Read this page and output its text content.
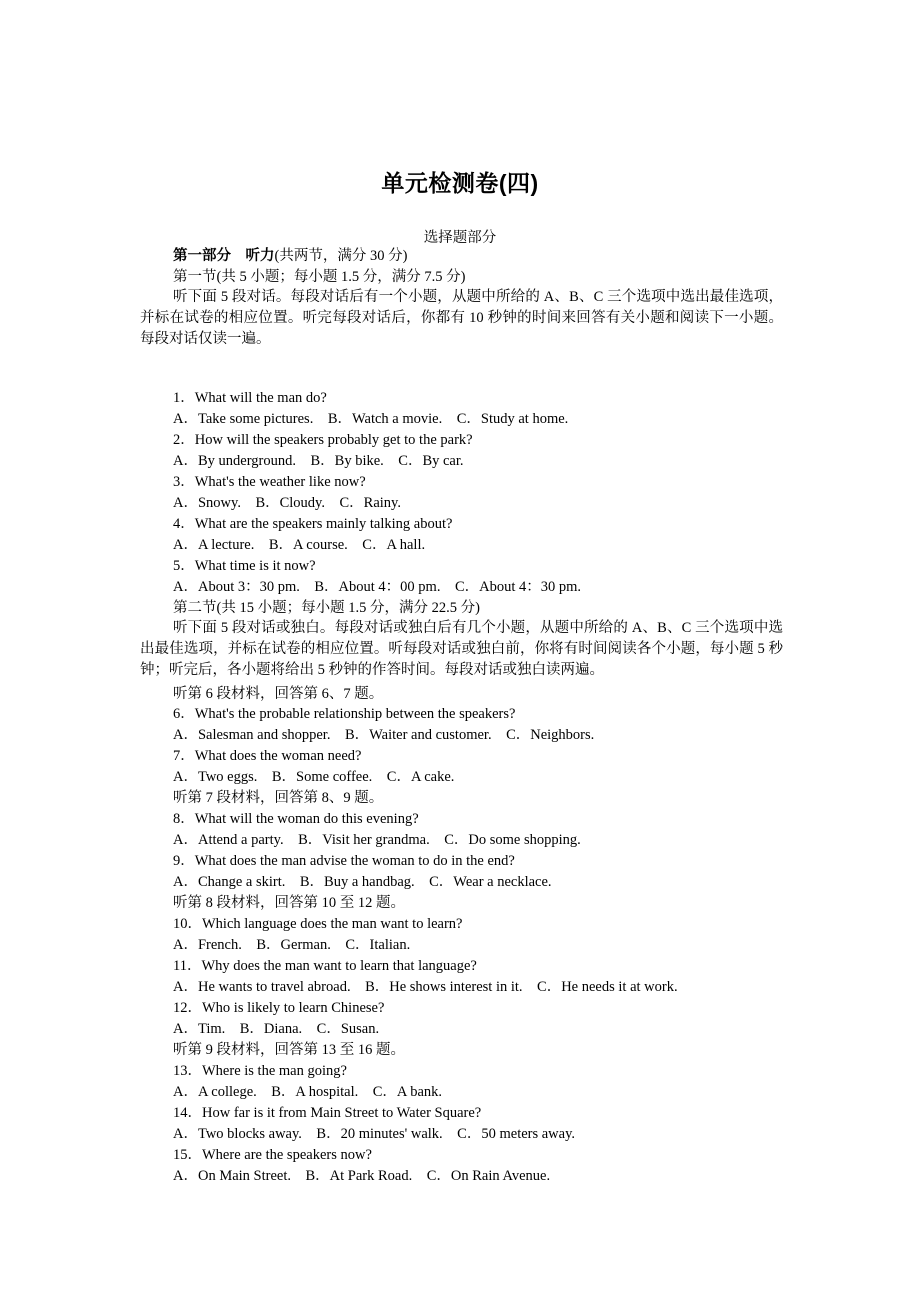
单元检测卷(四)
选择题部分
第一部分　听力(共两节，满分 30 分)
第一节(共 5 小题；每小题 1.5 分，满分 7.5 分)
听下面 5 段对话。每段对话后有一个小题，从题中所给的 A、B、C 三个选项中选出最佳选项，并标在试卷的相应位置。听完每段对话后，你都有 10 秒钟的时间来回答有关小题和阅读下一小题。每段对话仅读一遍。
第二节(共 15 小题；每小题 1.5 分，满分 22.5 分)
听下面 5 段对话或独白。每段对话或独白后有几个小题，从题中所给的 A、B、C 三个选项中选出最佳选项，并标在试卷的相应位置。听每段对话或独白前，你将有时间阅读各个小题，每小题 5 秒钟；听完后，各小题将给出 5 秒钟的作答时间。每段对话或独白读两遍。
1．What will the man do?
A．Take some pictures.　B．Watch a movie.　C．Study at home.
2．How will the speakers probably get to the park?
A．By underground.　B．By bike.　C．By car.
3．What's the weather like now?
A．Snowy.　B．Cloudy.　C．Rainy.
4．What are the speakers mainly talking about?
A．A lecture.　B．A course.　C．A hall.
5．What time is it now?
A．About 3：30 pm.　B．About 4：00 pm.　C．About 4：30 pm.
听第 6 段材料，回答第 6、7 题。
6．What's the probable relationship between the speakers?
A．Salesman and shopper.　B．Waiter and customer.　C．Neighbors.
7．What does the woman need?
A．Two eggs.　B．Some coffee.　C．A cake.
听第 7 段材料，回答第 8、9 题。
8．What will the woman do this evening?
A．Attend a party.　B．Visit her grandma.　C．Do some shopping.
9．What does the man advise the woman to do in the end?
A．Change a skirt.　B．Buy a handbag.　C．Wear a necklace.
听第 8 段材料，回答第 10 至 12 题。
10．Which language does the man want to learn?
A．French.　B．German.　C．Italian.
11．Why does the man want to learn that language?
A．He wants to travel abroad.　B．He shows interest in it.　C．He needs it at work.
12．Who is likely to learn Chinese?
A．Tim.　B．Diana.　C．Susan.
听第 9 段材料，回答第 13 至 16 题。
13．Where is the man going?
A．A college.　B．A hospital.　C．A bank.
14．How far is it from Main Street to Water Square?
A．Two blocks away.　B．20 minutes' walk.　C．50 meters away.
15．Where are the speakers now?
A．On Main Street.　B．At Park Road.　C．On Rain Avenue.
